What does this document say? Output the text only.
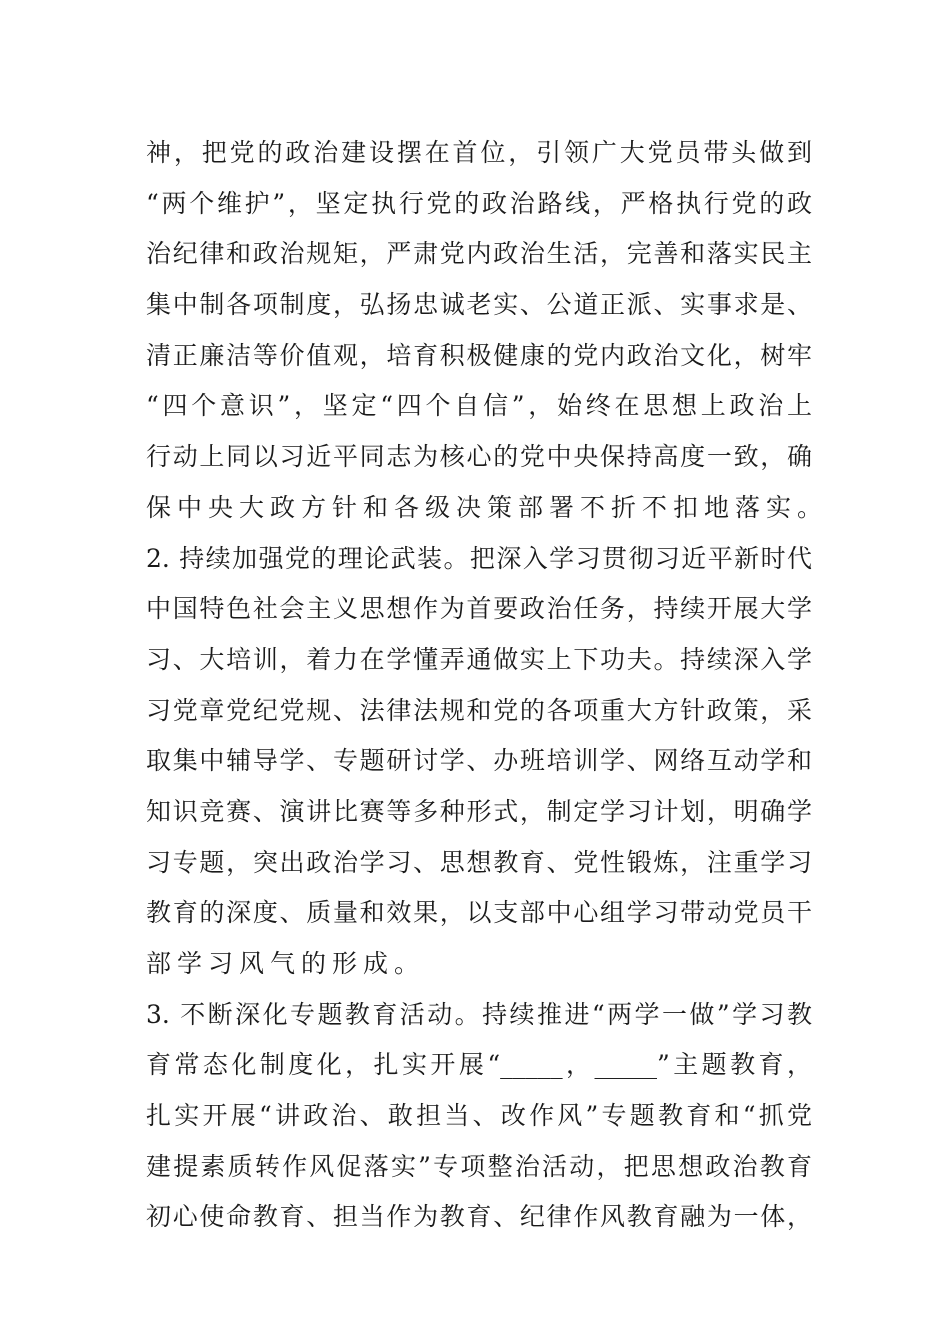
神，把党的政治建设摆在首位，引领广大党员带头做到
“两个维护”，坚定执行党的政治路线，严格执行党的政
治纪律和政治规矩，严肃党内政治生活，完善和落实民主
集中制各项制度，弘扬忠诚老实、公道正派、实事求是、
清正廉洁等价值观，培育积极健康的党内政治文化，树牢
“四个意识”，坚定“四个自信”，始终在思想上政治上
行动上同以习近平同志为核心的党中央保持高度一致，确
保中央大政方针和各级决策部署不折不扣地落实。
2. 持续加强党的理论武装。把深入学习贯彻习近平新时代
中国特色社会主义思想作为首要政治任务，持续开展大学
习、大培训，着力在学懂弄通做实上下功夫。持续深入学
习党章党纪党规、法律法规和党的各项重大方针政策，采
取集中辅导学、专题研讨学、办班培训学、网络互动学和
知识竞赛、演讲比赛等多种形式，制定学习计划，明确学
习专题，突出政治学习、思想教育、党性锻炼，注重学习
教育的深度、质量和效果，以支部中心组学习带动党员干
部学习风气的形成。
3. 不断深化专题教育活动。持续推进“两学一做”学习教
育常态化制度化，扎实开展“_____，_____”主题教育，
扎实开展“讲政治、敢担当、改作风”专题教育和“抓党
建提素质转作风促落实”专项整治活动，把思想政治教育
初心使命教育、担当作为教育、纪律作风教育融为一体，
